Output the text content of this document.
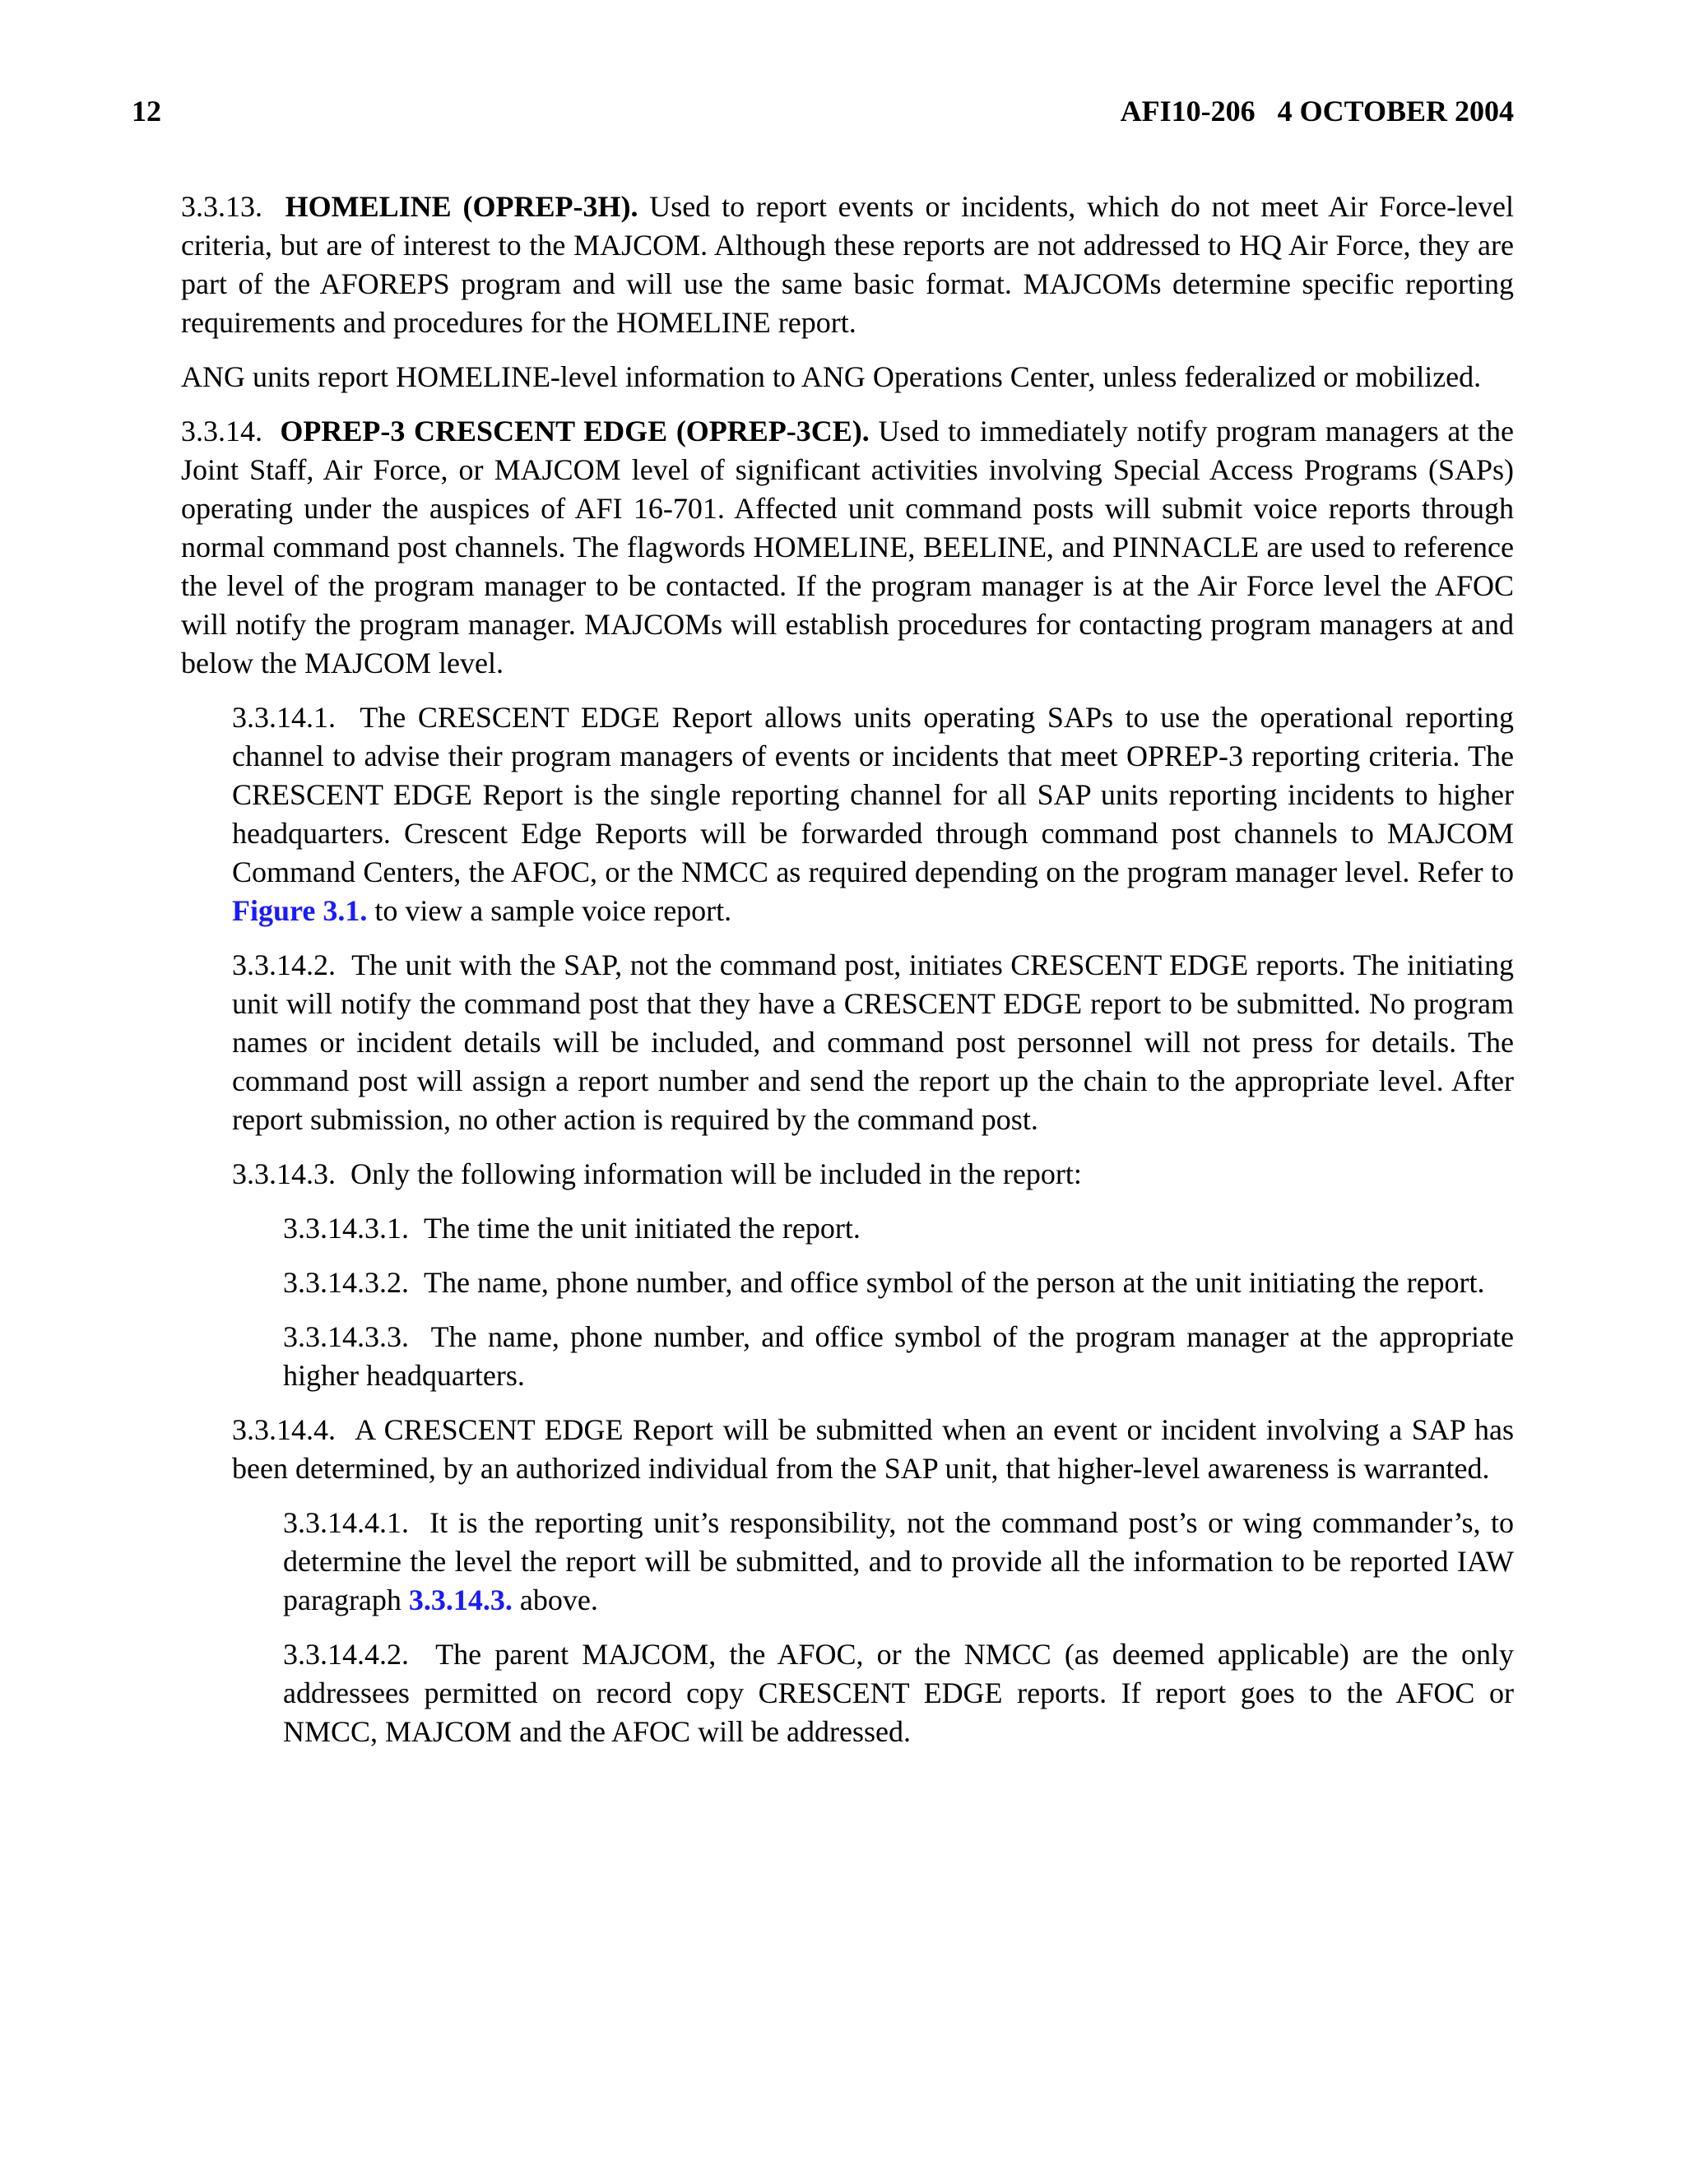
12	AFI10-206   4 OCTOBER 2004

3.3.13. HOMELINE (OPREP-3H). Used to report events or incidents, which do not meet Air Force-level criteria, but are of interest to the MAJCOM. Although these reports are not addressed to HQ Air Force, they are part of the AFOREPS program and will use the same basic format. MAJCOMs determine specific reporting requirements and procedures for the HOMELINE report.

ANG units report HOMELINE-level information to ANG Operations Center, unless federalized or mobilized.

3.3.14. OPREP-3 CRESCENT EDGE (OPREP-3CE). Used to immediately notify program managers at the Joint Staff, Air Force, or MAJCOM level of significant activities involving Special Access Programs (SAPs) operating under the auspices of AFI 16-701. Affected unit command posts will submit voice reports through normal command post channels. The flagwords HOMELINE, BEELINE, and PINNACLE are used to reference the level of the program manager to be contacted. If the program manager is at the Air Force level the AFOC will notify the program manager. MAJCOMs will establish procedures for contacting program managers at and below the MAJCOM level.

3.3.14.1. The CRESCENT EDGE Report allows units operating SAPs to use the operational reporting channel to advise their program managers of events or incidents that meet OPREP-3 reporting criteria. The CRESCENT EDGE Report is the single reporting channel for all SAP units reporting incidents to higher headquarters. Crescent Edge Reports will be forwarded through command post channels to MAJCOM Command Centers, the AFOC, or the NMCC as required depending on the program manager level. Refer to Figure 3.1. to view a sample voice report.

3.3.14.2. The unit with the SAP, not the command post, initiates CRESCENT EDGE reports. The initiating unit will notify the command post that they have a CRESCENT EDGE report to be submitted. No program names or incident details will be included, and command post personnel will not press for details. The command post will assign a report number and send the report up the chain to the appropriate level. After report submission, no other action is required by the command post.

3.3.14.3. Only the following information will be included in the report:

3.3.14.3.1. The time the unit initiated the report.

3.3.14.3.2. The name, phone number, and office symbol of the person at the unit initiating the report.

3.3.14.3.3. The name, phone number, and office symbol of the program manager at the appropriate higher headquarters.

3.3.14.4. A CRESCENT EDGE Report will be submitted when an event or incident involving a SAP has been determined, by an authorized individual from the SAP unit, that higher-level awareness is warranted.

3.3.14.4.1. It is the reporting unit’s responsibility, not the command post’s or wing commander’s, to determine the level the report will be submitted, and to provide all the information to be reported IAW paragraph 3.3.14.3. above.

3.3.14.4.2. The parent MAJCOM, the AFOC, or the NMCC (as deemed applicable) are the only addressees permitted on record copy CRESCENT EDGE reports. If report goes to the AFOC or NMCC, MAJCOM and the AFOC will be addressed.
